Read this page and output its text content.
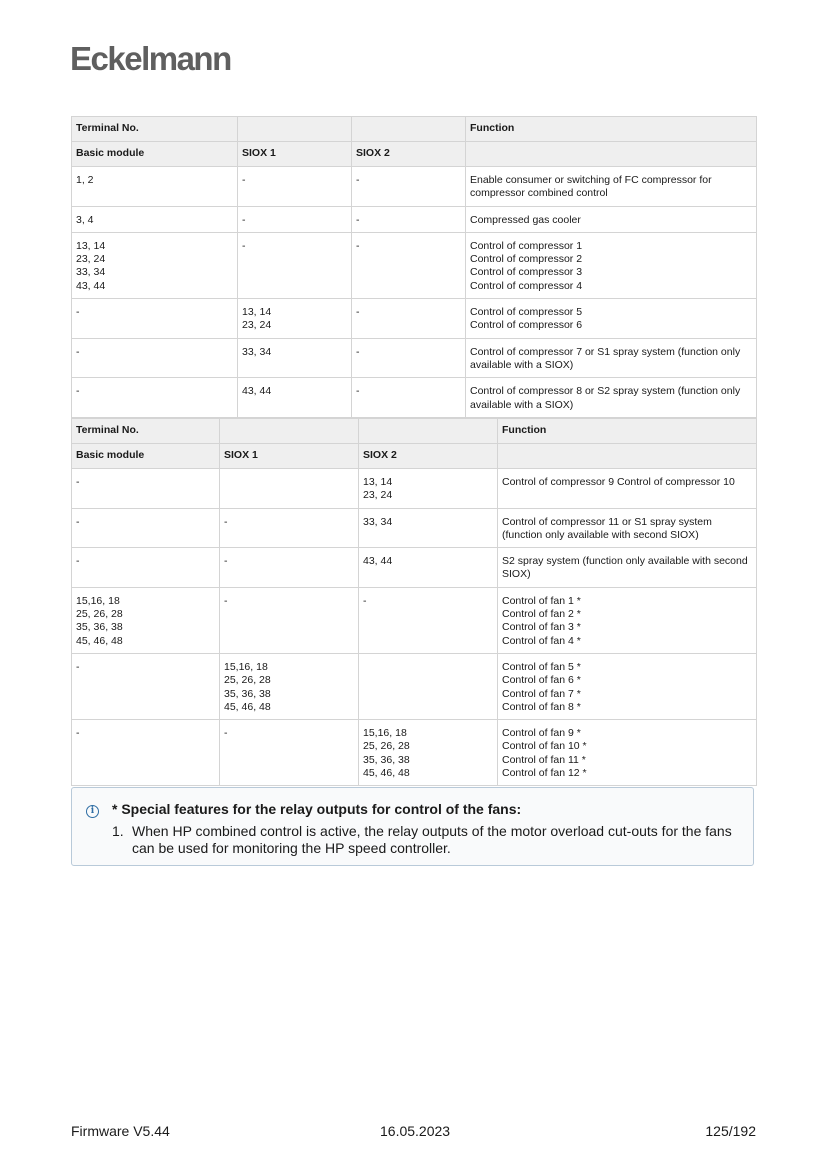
Eckelmann
Terminal No.			Function

Basic module	SIOX 1	SIOX 2	

1, 2	-	-	Enable consumer or switching of FC compressor for compressor combined control

3, 4	-	-	Compressed gas cooler

13, 14
23, 24
33, 34
43, 44	-	-	Control of compressor 1
Control of compressor 2
Control of compressor 3
Control of compressor 4

-	13, 14
23, 24	-	Control of compressor 5
Control of compressor 6

-	33, 34	-	Control of compressor 7 or S1 spray system (function only available with a SIOX)

-	43, 44	-	Control of compressor 8 or S2 spray system (function only available with a SIOX)
Terminal No.			Function

Basic module	SIOX 1	SIOX 2	

-		13, 14
23, 24	Control of compressor 9 Control of compressor 10

-	-	33, 34	Control of compressor 11 or S1 spray system (function only available with second SIOX)

-	-	43, 44	S2 spray system (function only available with second SIOX)

15,16, 18
25, 26, 28
35, 36, 38
45, 46, 48	-	-	Control of fan 1 *
Control of fan 2 *
Control of fan 3 *
Control of fan 4 *

-	15,16, 18
25, 26, 28
35, 36, 38
45, 46, 48		Control of fan 5 *
Control of fan 6 *
Control of fan 7 *
Control of fan 8 *

-	-	15,16, 18
25, 26, 28
35, 36, 38
45, 46, 48	Control of fan 9 *
Control of fan 10 *
Control of fan 11 *
Control of fan 12 *
i	* Special features for the relay outputs for control of the fans:
1. When HP combined control is active, the relay outputs of the motor overload cut-outs for the fans can be used for monitoring the HP speed controller.
Firmware V5.44	16.05.2023	125/192
